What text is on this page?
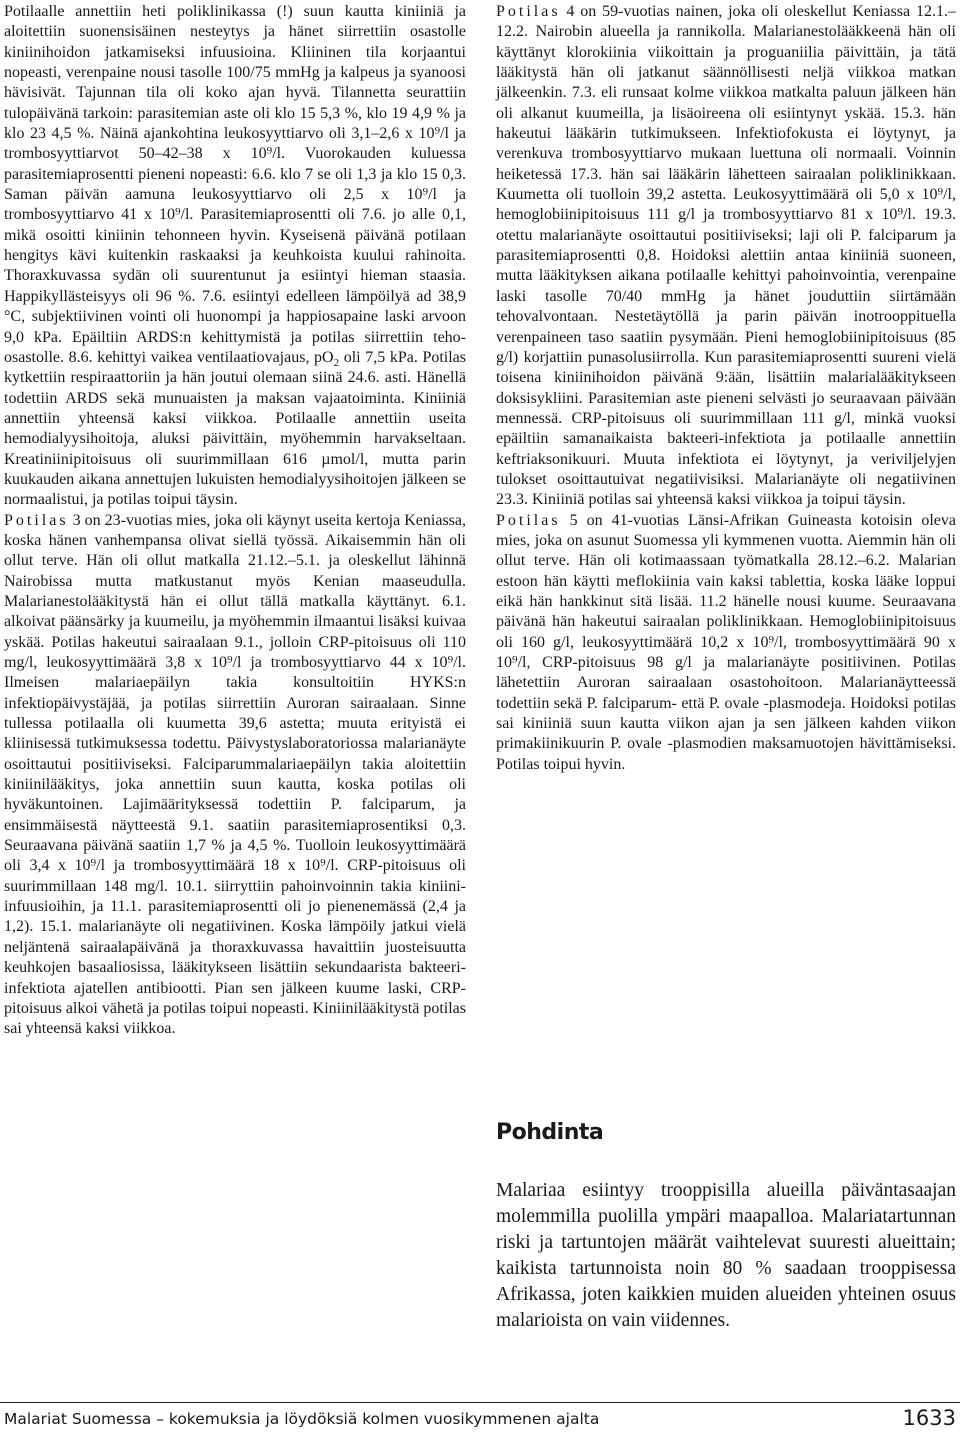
Potilaalle annettiin heti poliklinikassa (!) suun kautta kiniiniä ja aloitettiin suonensisäinen nesteytys ja hänet siirrettiin osastolle kiniinihoidon jatkamiseksi infuusioina. Kliininen tila korjaantui nopeasti, verenpaine nousi tasolle 100/75 mmHg ja kalpeus ja syanoosi hävisivät. Tajunnan tila oli koko ajan hyvä. Tilannetta seurattiin tulopäivänä tarkoin: parasitemian aste oli klo 15 5,3 %, klo 19 4,9 % ja klo 23 4,5 %. Näinä ajankohtina leukosyyttiarvo oli 3,1–2,6 x 10⁹/l ja trombosyyttiarvot 50–42–38 x 10⁹/l. Vuorokauden kuluessa parasitemiaprosentti pieneni nopeasti: 6.6. klo 7 se oli 1,3 ja klo 15 0,3. Saman päivän aamuna leukosyyttiarvo oli 2,5 x 10⁹/l ja trombosyyttiarvo 41 x 10⁹/l. Parasitemiaprosentti oli 7.6. jo alle 0,1, mikä osoitti kiniinin tehonneen hyvin. Kyseisenä päivänä potilaan hengitys kävi kuitenkin raskaaksi ja keuhkoista kuului rahinoita. Thoraxkuvassa sydän oli suurentunut ja esiintyi hieman staasia. Happikyllästeisyys oli 96 %. 7.6. esiintyi edelleen lämpöilyä ad 38,9 °C, subjektiivinen vointi oli huonompi ja happiosapaine laski arvoon 9,0 kPa. Epäiltiin ARDS:n kehittymistä ja potilas siirrettiin teho-osastolle. 8.6. kehittyi vaikea ventilaatiovajaus, $pO_2$ oli 7,5 kPa. Potilas kytkettiin respiraattoriin ja hän joutui olemaan siinä 24.6. asti. Hänellä todettiin ARDS sekä munuaisten ja maksan vajaatoiminta. Kiniiniä annettiin yhteensä kaksi viikkoa. Potilaalle annettiin useita hemodialyysihoitoja, aluksi päivittäin, myöhemmin harvakseltaan. Kreatiniinipitoisuus oli suurimmillaan 616 µmol/l, mutta parin kuukauden aikana annettujen lukuisten hemodialyysihoitojen jälkeen se normaalistui, ja potilas toipui täysin.

Potilas 3 on 23-vuotias mies, joka oli käynyt useita kertoja Keniassa, koska hänen vanhempansa olivat siellä työssä. Aikaisemmin hän oli ollut terve. Hän oli ollut matkalla 21.12.–5.1. ja oleskellut lähinnä Nairobissa mutta matkustanut myös Kenian maaseudulla. Malarianestolääkitystä hän ei ollut tällä matkalla käyttänyt. 6.1. alkoivat päänsärky ja kuumeilu, ja myöhemmin ilmaantui lisäksi kuivaa yskää. Potilas hakeutui sairaalaan 9.1., jolloin CRP-pitoisuus oli 110 mg/l, leukosyyttimäärä 3,8 x 10⁹/l ja trombosyyttiarvo 44 x 10⁹/l. Ilmeisen malariaepäilyn takia konsultoitiin HYKS:n infektiopäivystäjää, ja potilas siirrettiin Auroran sairaalaan. Sinne tullessa potilaalla oli kuumetta 39,6 astetta; muuta erityistä ei kliinisessä tutkimuksessa todettu. Päivystyslaboratoriossa malarianäyte osoittautui positiiviseksi. Falciparummalariaepäilyn takia aloitettiin kiniinilääkitys, joka annettiin suun kautta, koska potilas oli hyväkuntoinen. Lajimäärityksessä todettiin P. falciparum, ja ensimmäisestä näytteestä 9.1. saatiin parasitemiaprosentiksi 0,3. Seuraavana päivänä saatiin 1,7 % ja 4,5 %. Tuolloin leukosyyttimäärä oli 3,4 x 10⁹/l ja trombosyyttimäärä 18 x 10⁹/l. CRP-pitoisuus oli suurimmillaan 148 mg/l. 10.1. siirryttiin pahoinvoinnin takia kiniini-infuusioihin, ja 11.1. parasitemiaprosentti oli jo pienenemässä (2,4 ja 1,2). 15.1. malarianäyte oli negatiivinen. Koska lämpöily jatkui vielä neljäntenä sairaalapäivänä ja thoraxkuvassa havaittiin juosteisuutta keuhkojen basaaliosissa, lääkitykseen lisättiin sekundaarista bakteeri-infektiota ajatellen antibiootti. Pian sen jälkeen kuume laski, CRP-pitoisuus alkoi vähetä ja potilas toipui nopeasti. Kiniinilääkitystä potilas sai yhteensä kaksi viikkoa.

Potilas 4 on 59-vuotias nainen, joka oli oleskellut Keniassa 12.1.–12.2. Nairobin alueella ja rannikolla. Malarianestolääkkeenä hän oli käyttänyt klorokiinia viikoittain ja proguaniilia päivittäin, ja tätä lääkitystä hän oli jatkanut säännöllisesti neljä viikkoa matkan jälkeenkin. 7.3. eli runsaat kolme viikkoa matkalta paluun jälkeen hän oli alkanut kuumeilla, ja lisäoireena oli esiintynyt yskää. 15.3. hän hakeutui lääkärin tutkimukseen. Infektiofokusta ei löytynyt, ja verenkuva trombosyyttiarvo mukaan luettuna oli normaali. Voinnin heiketessä 17.3. hän sai lääkärin lähetteen sairaalan poliklinikkaan. Kuumetta oli tuolloin 39,2 astetta. Leukosyyttimäärä oli 5,0 x 10⁹/l, hemoglobiinipitoisuus 111 g/l ja trombosyyttiarvo 81 x 10⁹/l. 19.3. otettu malarianäyte osoittautui positiiviseksi; laji oli P. falciparum ja parasitemiaprosentti 0,8. Hoidoksi alettiin antaa kiniiniä suoneen, mutta lääkityksen aikana potilaalle kehittyi pahoinvointia, verenpaine laski tasolle 70/40 mmHg ja hänet jouduttiin siirtämään tehovalvontaan. Nestetäytöllä ja parin päivän inotrooppituella verenpaineen taso saatiin pysymään. Pieni hemoglobiinipitoisuus (85 g/l) korjattiin punasolusiirrolla. Kun parasitemiaprosentti suureni vielä toisena kiniinihoidon päivänä 9:ään, lisättiin malarialääkitykseen doksisykliini. Parasitemian aste pieneni selvästi jo seuraavaan päivään mennessä. CRP-pitoisuus oli suurimmillaan 111 g/l, minkä vuoksi epäiltiin samanaikaista bakteeri-infektiota ja potilaalle annettiin keftriaksonikuuri. Muuta infektiota ei löytynyt, ja veriviljelyjen tulokset osoittautuivat negatiivisiksi. Malarianäyte oli negatiivinen 23.3. Kiniiniä potilas sai yhteensä kaksi viikkoa ja toipui täysin.

Potilas 5 on 41-vuotias Länsi-Afrikan Guineasta kotoisin oleva mies, joka on asunut Suomessa yli kymmenen vuotta. Aiemmin hän oli ollut terve. Hän oli kotimaassaan työmatkalla 28.12.–6.2. Malarian estoon hän käytti meflokiinia vain kaksi tablettia, koska lääke loppui eikä hän hankkinut sitä lisää. 11.2 hänelle nousi kuume. Seuraavana päivänä hän hakeutui sairaalan poliklinikkaan. Hemoglobiinipitoisuus oli 160 g/l, leukosyyttimäärä 10,2 x 10⁹/l, trombosyyttimäärä 90 x 10⁹/l, CRP-pitoisuus 98 g/l ja malarianäyte positiivinen. Potilas lähetettiin Auroran sairaalaan osastohoitoon. Malarianäytteessä todettiin sekä P. falciparum- että P. ovale -plasmodeja. Hoidoksi potilas sai kiniiniä suun kautta viikon ajan ja sen jälkeen kahden viikon primakiinikuurin P. ovale -plasmodien maksamuotojen hävittämiseksi. Potilas toipui hyvin.

Pohdinta

Malariaa esiintyy trooppisilla alueilla päiväntasaajan molemmilla puolilla ympäri maapalloa. Malariatartunnan riski ja tartuntojen määrät vaihtelevat suuresti alueittain; kaikista tartunnoista noin 80 % saadaan trooppisessa Afrikassa, joten kaikkien muiden alueiden yhteinen osuus malarioista on vain viidennes.

Malariat Suomessa – kokemuksia ja löydöksiä kolmen vuosikymmenen ajalta	1633
